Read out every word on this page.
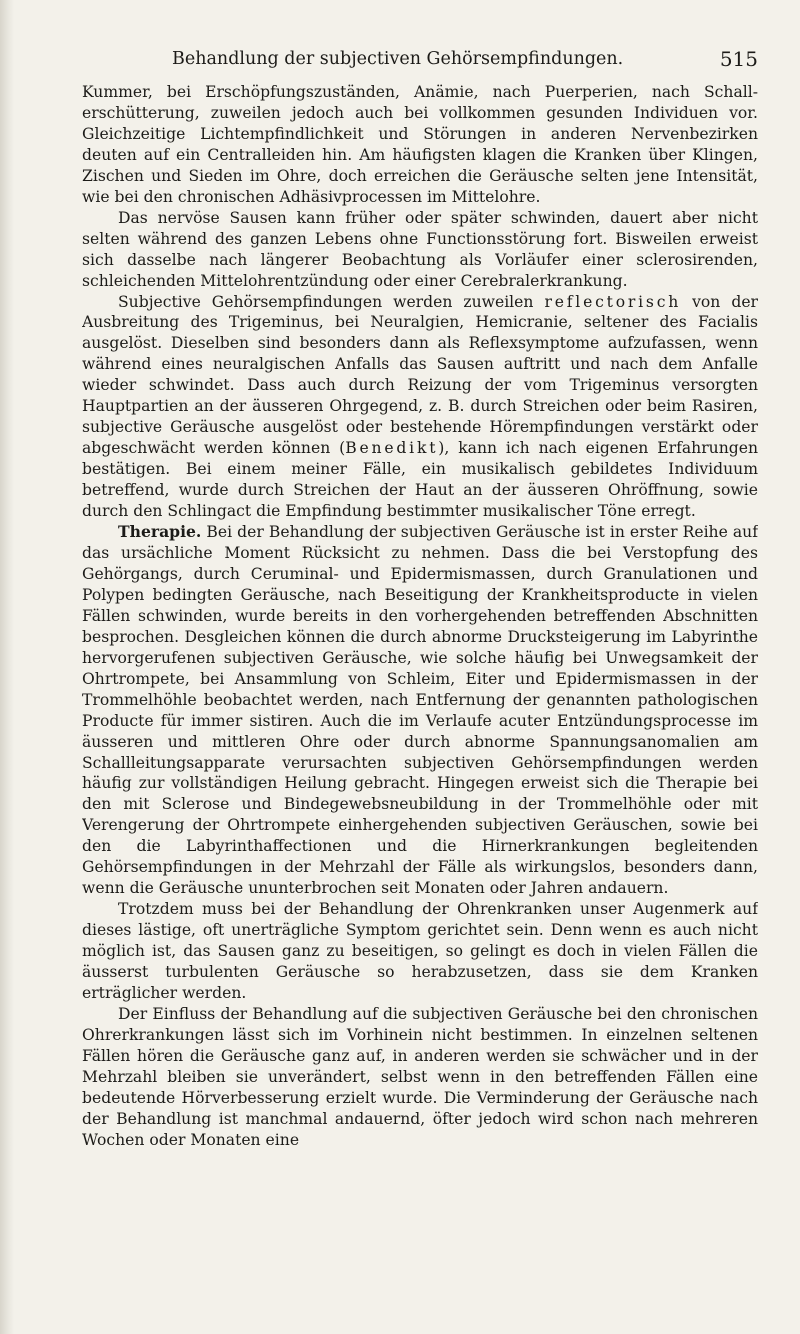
Behandlung der subjectiven Gehörsempfindungen.	515

Kummer, bei Erschöpfungszuständen, Anämie, nach Puerperien, nach Schallerschütterung, zuweilen jedoch auch bei vollkommen gesunden Individuen vor. Gleichzeitige Lichtempfindlichkeit und Störungen in anderen Nervenbezirken deuten auf ein Centralleiden hin. Am häufigsten klagen die Kranken über Klingen, Zischen und Sieden im Ohre, doch erreichen die Geräusche selten jene Intensität, wie bei den chronischen Adhäsivprocessen im Mittelohre.

Das nervöse Sausen kann früher oder später schwinden, dauert aber nicht selten während des ganzen Lebens ohne Functionsstörung fort. Bisweilen erweist sich dasselbe nach längerer Beobachtung als Vorläufer einer sclerosirenden, schleichenden Mittelohrentzündung oder einer Cerebralerkrankung.

Subjective Gehörsempfindungen werden zuweilen reflectorisch von der Ausbreitung des Trigeminus, bei Neuralgien, Hemicranie, seltener des Facialis ausgelöst. Dieselben sind besonders dann als Reflexsymptome aufzufassen, wenn während eines neuralgischen Anfalls das Sausen auftritt und nach dem Anfalle wieder schwindet. Dass auch durch Reizung der vom Trigeminus versorgten Hauptpartien an der äusseren Ohrgegend, z. B. durch Streichen oder beim Rasiren, subjective Geräusche ausgelöst oder bestehende Hörempfindungen verstärkt oder abgeschwächt werden können (Benedikt), kann ich nach eigenen Erfahrungen bestätigen. Bei einem meiner Fälle, ein musikalisch gebildetes Individuum betreffend, wurde durch Streichen der Haut an der äusseren Ohröffnung, sowie durch den Schlingact die Empfindung bestimmter musikalischer Töne erregt.

Therapie. Bei der Behandlung der subjectiven Geräusche ist in erster Reihe auf das ursächliche Moment Rücksicht zu nehmen. Dass die bei Verstopfung des Gehörgangs, durch Ceruminal- und Epidermismassen, durch Granulationen und Polypen bedingten Geräusche, nach Beseitigung der Krankheitsproducte in vielen Fällen schwinden, wurde bereits in den vorhergehenden betreffenden Abschnitten besprochen. Desgleichen können die durch abnorme Drucksteigerung im Labyrinthe hervorgerufenen subjectiven Geräusche, wie solche häufig bei Unwegsamkeit der Ohrtrompete, bei Ansammlung von Schleim, Eiter und Epidermismassen in der Trommelhöhle beobachtet werden, nach Entfernung der genannten pathologischen Producte für immer sistiren. Auch die im Verlaufe acuter Entzündungsprocesse im äusseren und mittleren Ohre oder durch abnorme Spannungsanomalien am Schallleitungsapparate verursachten subjectiven Gehörsempfindungen werden häufig zur vollständigen Heilung gebracht. Hingegen erweist sich die Therapie bei den mit Sclerose und Bindegewebsneubildung in der Trommelhöhle oder mit Verengerung der Ohrtrompete einhergehenden subjectiven Geräuschen, sowie bei den die Labyrinthaffectionen und die Hirnerkrankungen begleitenden Gehörsempfindungen in der Mehrzahl der Fälle als wirkungslos, besonders dann, wenn die Geräusche ununterbrochen seit Monaten oder Jahren andauern.

Trotzdem muss bei der Behandlung der Ohrenkranken unser Augenmerk auf dieses lästige, oft unerträgliche Symptom gerichtet sein. Denn wenn es auch nicht möglich ist, das Sausen ganz zu beseitigen, so gelingt es doch in vielen Fällen die äusserst turbulenten Geräusche so herabzusetzen, dass sie dem Kranken erträglicher werden.

Der Einfluss der Behandlung auf die subjectiven Geräusche bei den chronischen Ohrerkrankungen lässt sich im Vorhinein nicht bestimmen. In einzelnen seltenen Fällen hören die Geräusche ganz auf, in anderen werden sie schwächer und in der Mehrzahl bleiben sie unverändert, selbst wenn in den betreffenden Fällen eine bedeutende Hörverbesserung erzielt wurde. Die Verminderung der Geräusche nach der Behandlung ist manchmal andauernd, öfter jedoch wird schon nach mehreren Wochen oder Monaten eine
